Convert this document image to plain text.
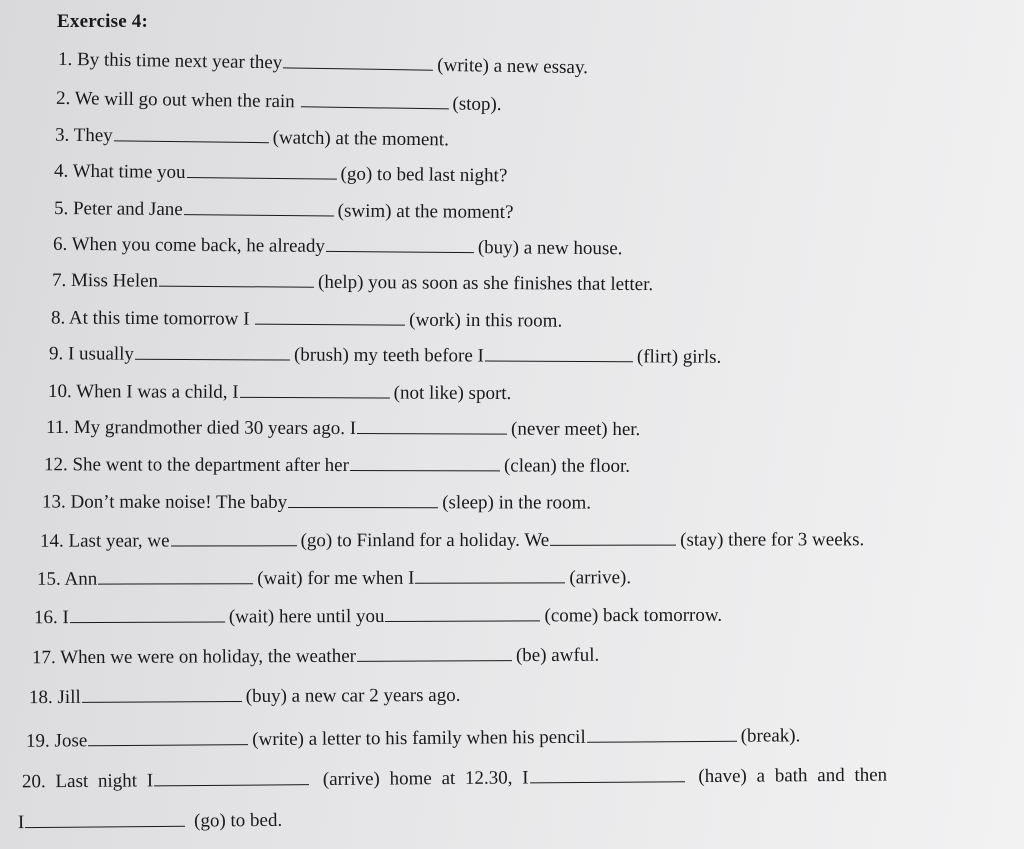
Exercise 4:
1. By this time next year they	(write) a new essay.
2. We will go out when the rain	(stop).
3. They	(watch) at the moment.
4. What time you	(go) to bed last night?
5. Peter and Jane	(swim) at the moment?
6. When you come back, he already	(buy) a new house.
7. Miss Helen	(help) you as soon as she finishes that letter.
8. At this time tomorrow I	(work) in this room.
9. I usually	(brush) my teeth before I	(flirt) girls.
10. When I was a child, I	(not like) sport.
11. My grandmother died 30 years ago. I	(never meet) her.
12. She went to the department after her	(clean) the floor.
13. Don’t make noise! The baby	(sleep) in the room.
14. Last year, we	(go) to Finland for a holiday. We	(stay) there for 3 weeks.
15. Ann	(wait) for me when I	(arrive).
16. I	(wait) here until you	(come) back tomorrow.
17. When we were on holiday, the weather	(be) awful.
18. Jill	(buy) a new car 2 years ago.
19. Jose	(write) a letter to his family when his pencil	(break).
20. Last night I	(arrive) home at 12.30, I	(have) a bath and then
I	(go) to bed.
